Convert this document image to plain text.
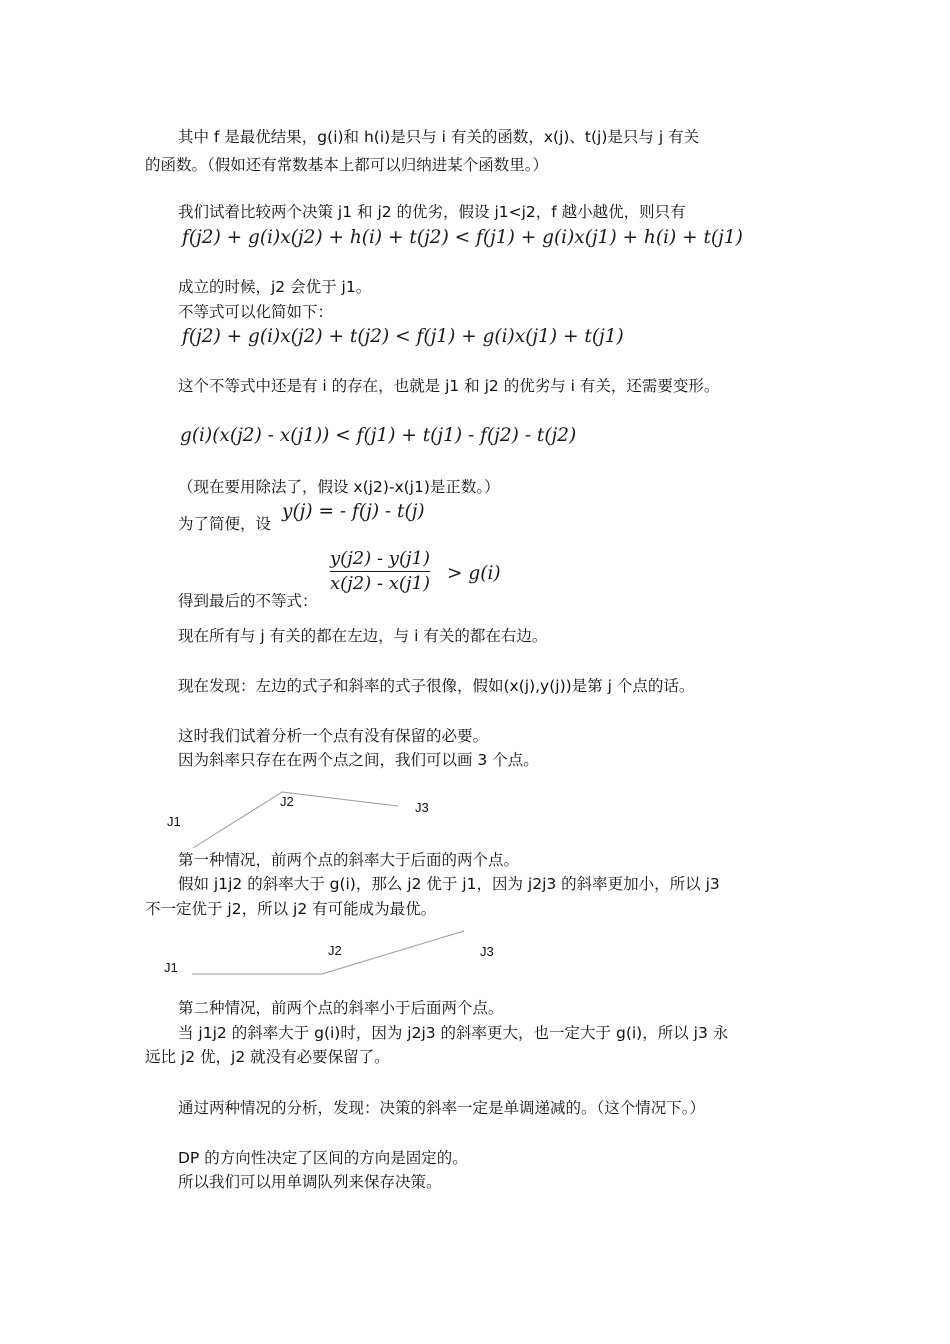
其中 f 是最优结果，g(i)和 h(i)是只与 i 有关的函数，x(j)、t(j)是只与 j 有关

的函数。（假如还有常数基本上都可以归纳进某个函数里。）

我们试着比较两个决策 j1 和 j2 的优劣，假设 j1<j2，f 越小越优，则只有

f(j2) + g(i)x(j2) + h(i) + t(j2) < f(j1) + g(i)x(j1) + h(i) + t(j1)

成立的时候，j2 会优于 j1。

不等式可以化简如下：

f(j2) + g(i)x(j2) + t(j2) < f(j1) + g(i)x(j1) + t(j1)

这个不等式中还是有 i 的存在，也就是 j1 和 j2 的优劣与 i 有关，还需要变形。

g(i)(x(j2) - x(j1)) < f(j1) + t(j1) - f(j2) - t(j2)

（现在要用除法了，假设 x(j2)-x(j1)是正数。）

为了简便，设

y(j) = - f(j) - t(j)

y(j2) - y(j1)
x(j2) - x(j1) > g(i)

得到最后的不等式：

现在所有与 j 有关的都在左边，与 i 有关的都在右边。

现在发现：左边的式子和斜率的式子很像，假如(x(j),y(j))是第 j 个点的话。

这时我们试着分析一个点有没有保留的必要。

因为斜率只存在在两个点之间，我们可以画 3 个点。

J1
J2	J3

第一种情况，前两个点的斜率大于后面的两个点。

假如 j1j2 的斜率大于 g(i)，那么 j2 优于 j1，因为 j2j3 的斜率更加小，所以 j3

不一定优于 j2，所以 j2 有可能成为最优。

J1
J2	J3

第二种情况，前两个点的斜率小于后面两个点。

当 j1j2 的斜率大于 g(i)时，因为 j2j3 的斜率更大，也一定大于 g(i)，所以 j3 永

远比 j2 优，j2 就没有必要保留了。

通过两种情况的分析，发现：决策的斜率一定是单调递减的。（这个情况下。）

DP 的方向性决定了区间的方向是固定的。

所以我们可以用单调队列来保存决策。
